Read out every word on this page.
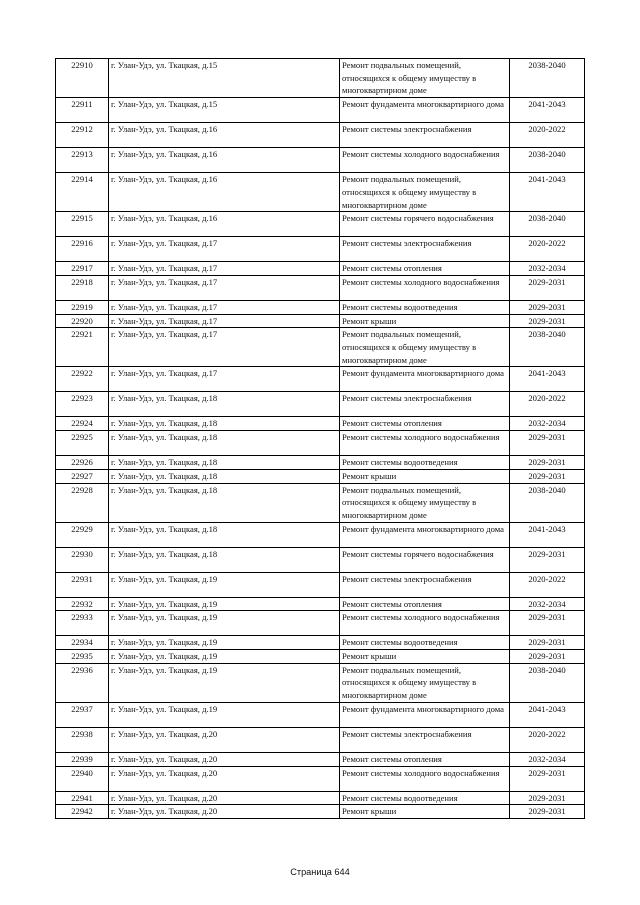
22910	г. Улан-Удэ, ул. Ткацкая, д.15	Ремонт подвальных помещений, относящихся к общему имуществу в многоквартирном доме	2038-2040
22911	г. Улан-Удэ, ул. Ткацкая, д.15	Ремонт фундамента многоквартирного дома	2041-2043
22912	г. Улан-Удэ, ул. Ткацкая, д.16	Ремонт системы электроснабжения	2020-2022
22913	г. Улан-Удэ, ул. Ткацкая, д.16	Ремонт системы холодного водоснабжения	2038-2040
22914	г. Улан-Удэ, ул. Ткацкая, д.16	Ремонт подвальных помещений, относящихся к общему имуществу в многоквартирном доме	2041-2043
22915	г. Улан-Удэ, ул. Ткацкая, д.16	Ремонт системы горячего водоснабжения	2038-2040
22916	г. Улан-Удэ, ул. Ткацкая, д.17	Ремонт системы электроснабжения	2020-2022
22917	г. Улан-Удэ, ул. Ткацкая, д.17	Ремонт системы отопления	2032-2034
22918	г. Улан-Удэ, ул. Ткацкая, д.17	Ремонт системы холодного водоснабжения	2029-2031
22919	г. Улан-Удэ, ул. Ткацкая, д.17	Ремонт системы водоотведения	2029-2031
22920	г. Улан-Удэ, ул. Ткацкая, д.17	Ремонт крыши	2029-2031
22921	г. Улан-Удэ, ул. Ткацкая, д.17	Ремонт подвальных помещений, относящихся к общему имуществу в многоквартирном доме	2038-2040
22922	г. Улан-Удэ, ул. Ткацкая, д.17	Ремонт фундамента многоквартирного дома	2041-2043
22923	г. Улан-Удэ, ул. Ткацкая, д.18	Ремонт системы электроснабжения	2020-2022
22924	г. Улан-Удэ, ул. Ткацкая, д.18	Ремонт системы отопления	2032-2034
22925	г. Улан-Удэ, ул. Ткацкая, д.18	Ремонт системы холодного водоснабжения	2029-2031
22926	г. Улан-Удэ, ул. Ткацкая, д.18	Ремонт системы водоотведения	2029-2031
22927	г. Улан-Удэ, ул. Ткацкая, д.18	Ремонт крыши	2029-2031
22928	г. Улан-Удэ, ул. Ткацкая, д.18	Ремонт подвальных помещений, относящихся к общему имуществу в многоквартирном доме	2038-2040
22929	г. Улан-Удэ, ул. Ткацкая, д.18	Ремонт фундамента многоквартирного дома	2041-2043
22930	г. Улан-Удэ, ул. Ткацкая, д.18	Ремонт системы горячего водоснабжения	2029-2031
22931	г. Улан-Удэ, ул. Ткацкая, д.19	Ремонт системы электроснабжения	2020-2022
22932	г. Улан-Удэ, ул. Ткацкая, д.19	Ремонт системы отопления	2032-2034
22933	г. Улан-Удэ, ул. Ткацкая, д.19	Ремонт системы холодного водоснабжения	2029-2031
22934	г. Улан-Удэ, ул. Ткацкая, д.19	Ремонт системы водоотведения	2029-2031
22935	г. Улан-Удэ, ул. Ткацкая, д.19	Ремонт крыши	2029-2031
22936	г. Улан-Удэ, ул. Ткацкая, д.19	Ремонт подвальных помещений, относящихся к общему имуществу в многоквартирном доме	2038-2040
22937	г. Улан-Удэ, ул. Ткацкая, д.19	Ремонт фундамента многоквартирного дома	2041-2043
22938	г. Улан-Удэ, ул. Ткацкая, д.20	Ремонт системы электроснабжения	2020-2022
22939	г. Улан-Удэ, ул. Ткацкая, д.20	Ремонт системы отопления	2032-2034
22940	г. Улан-Удэ, ул. Ткацкая, д.20	Ремонт системы холодного водоснабжения	2029-2031
22941	г. Улан-Удэ, ул. Ткацкая, д.20	Ремонт системы водоотведения	2029-2031
22942	г. Улан-Удэ, ул. Ткацкая, д.20	Ремонт крыши	2029-2031
Страница 644
